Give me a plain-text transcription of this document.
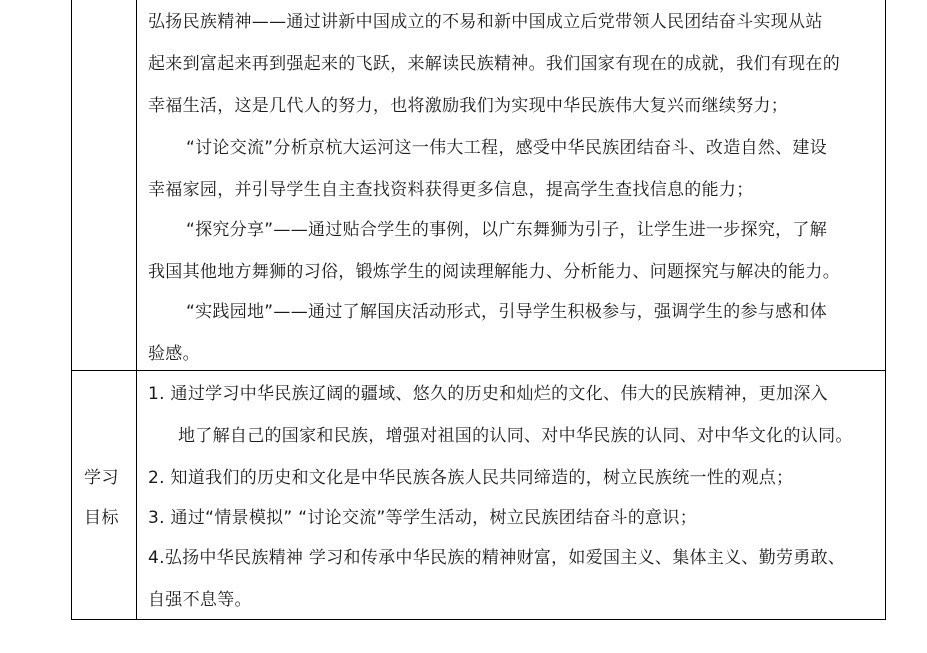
弘扬民族精神——通过讲新中国成立的不易和新中国成立后党带领人民团结奋斗实现从站
起来到富起来再到强起来的飞跃，来解读民族精神。我们国家有现在的成就，我们有现在的
幸福生活，这是几代人的努力，也将激励我们为实现中华民族伟大复兴而继续努力；
“讨论交流”分析京杭大运河这一伟大工程，感受中华民族团结奋斗、改造自然、建设
幸福家园，并引导学生自主查找资料获得更多信息，提高学生查找信息的能力；
“探究分享”——通过贴合学生的事例，以广东舞狮为引子，让学生进一步探究，了解
我国其他地方舞狮的习俗，锻炼学生的阅读理解能力、分析能力、问题探究与解决的能力。
“实践园地”——通过了解国庆活动形式，引导学生积极参与，强调学生的参与感和体
验感。
学习
目标
1. 通过学习中华民族辽阔的疆域、悠久的历史和灿烂的文化、伟大的民族精神，更加深入
地了解自己的国家和民族，增强对祖国的认同、对中华民族的认同、对中华文化的认同。
2. 知道我们的历史和文化是中华民族各族人民共同缔造的，树立民族统一性的观点；
3. 通过“情景模拟” “讨论交流”等学生活动，树立民族团结奋斗的意识；
4.弘扬中华民族精神 学习和传承中华民族的精神财富，如爱国主义、集体主义、勤劳勇敢、
自强不息等。
